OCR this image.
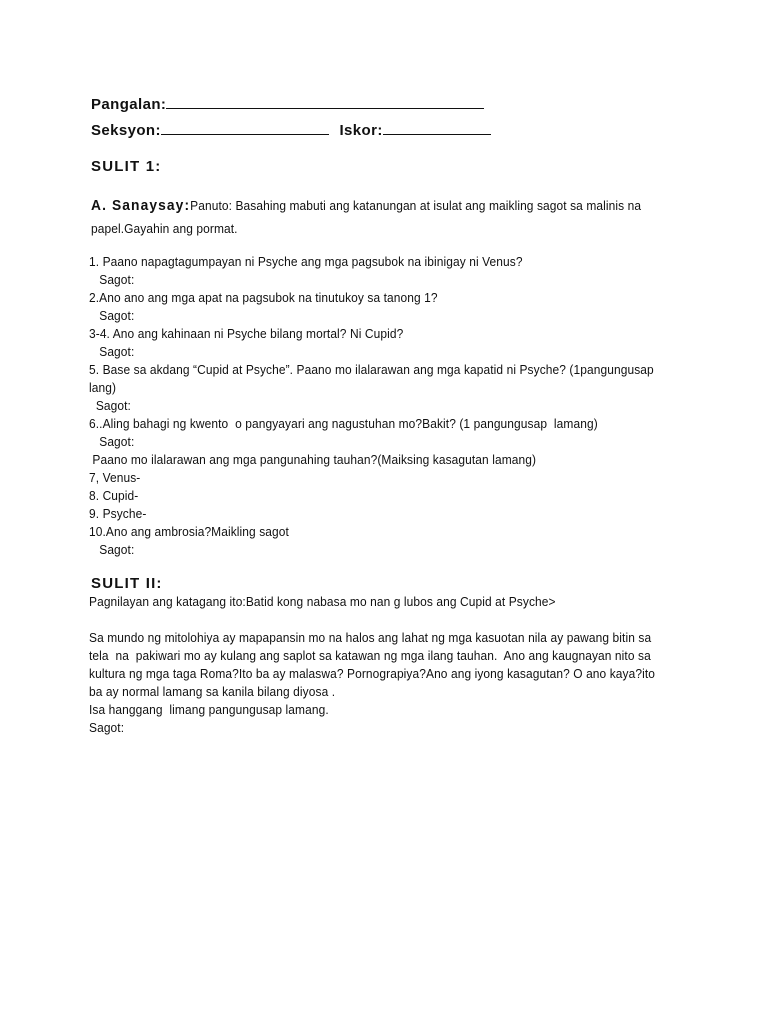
Pangalan:
Seksyon:	Iskor:
SULIT 1:
A. Sanaysay:Panuto: Basahing mabuti ang katanungan at isulat ang maikling sagot sa malinis na
papel.Gayahin ang pormat.
1. Paano napagtagumpayan ni Psyche ang mga pagsubok na ibinigay ni Venus?
Sagot:
2.Ano ano ang mga apat na pagsubok na tinutukoy sa tanong 1?
Sagot:
3-4. Ano ang kahinaan ni Psyche bilang mortal? Ni Cupid?
Sagot:
5. Base sa akdang “Cupid at Psyche”. Paano mo ilalarawan ang mga kapatid ni Psyche? (1pangungusap
lang)
Sagot:
6..Aling bahagi ng kwento  o pangyayari ang nagustuhan mo?Bakit? (1 pangungusap  lamang)
Sagot:
Paano mo ilalarawan ang mga pangunahing tauhan?(Maiksing kasagutan lamang)
7, Venus-
8. Cupid-
9. Psyche-
10.Ano ang ambrosia?Maikling sagot
Sagot:
SULIT II:
Pagnilayan ang katagang ito:Batid kong nabasa mo nan g lubos ang Cupid at Psyche>
Sa mundo ng mitolohiya ay mapapansin mo na halos ang lahat ng mga kasuotan nila ay pawang bitin sa
tela  na  pakiwari mo ay kulang ang saplot sa katawan ng mga ilang tauhan.  Ano ang kaugnayan nito sa
kultura ng mga taga Roma?Ito ba ay malaswa? Pornograpiya?Ano ang iyong kasagutan? O ano kaya?ito
ba ay normal lamang sa kanila bilang diyosa .
Isa hanggang  limang pangungusap lamang.
Sagot:
